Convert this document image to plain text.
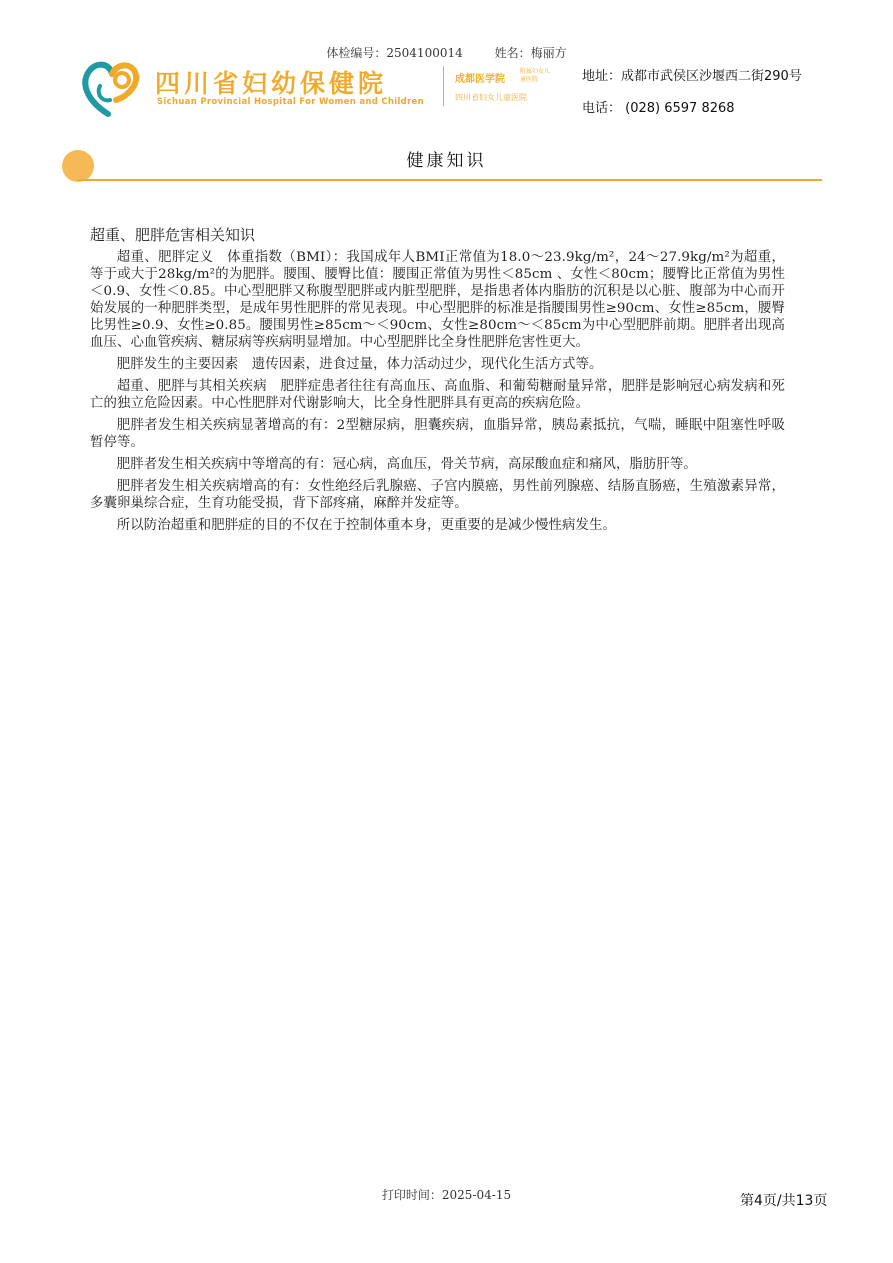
体检编号：2504100014	姓名：梅丽方
四川省妇幼保健院
Sichuan Provincial Hospital For Women and Children
成都医学院
附属妇女儿童医院
四川省妇女儿童医院
地址：成都市武侯区沙堰西二街290号
电话： (028) 6597 8268
健康知识
超重、肥胖危害相关知识

超重、肥胖定义　体重指数（BMI）：我国成年人BMI正常值为18.0～23.9kg/m²，24～27.9kg/m²为超重，等于或大于28kg/m²的为肥胖。腰围、腰臀比值：腰围正常值为男性＜85cm 、女性＜80cm；腰臀比正常值为男性＜0.9、女性＜0.85。中心型肥胖又称腹型肥胖或内脏型肥胖，是指患者体内脂肪的沉积是以心脏、腹部为中心而开始发展的一种肥胖类型，是成年男性肥胖的常见表现。中心型肥胖的标准是指腰围男性≥90cm、女性≥85cm，腰臀比男性≥0.9、女性≥0.85。腰围男性≥85cm～＜90cm、女性≥80cm～＜85cm为中心型肥胖前期。肥胖者出现高血压、心血管疾病、糖尿病等疾病明显增加。中心型肥胖比全身性肥胖危害性更大。

肥胖发生的主要因素　遗传因素，进食过量，体力活动过少，现代化生活方式等。

超重、肥胖与其相关疾病　肥胖症患者往往有高血压、高血脂、和葡萄糖耐量异常，肥胖是影响冠心病发病和死亡的独立危险因素。中心性肥胖对代谢影响大，比全身性肥胖具有更高的疾病危险。

肥胖者发生相关疾病显著增高的有：2型糖尿病，胆囊疾病，血脂异常，胰岛素抵抗，气喘，睡眠中阻塞性呼吸暂停等。

肥胖者发生相关疾病中等增高的有：冠心病，高血压，骨关节病，高尿酸血症和痛风，脂肪肝等。

肥胖者发生相关疾病增高的有：女性绝经后乳腺癌、子宫内膜癌，男性前列腺癌、结肠直肠癌，生殖激素异常，多囊卵巢综合症，生育功能受损，背下部疼痛，麻醉并发症等。

所以防治超重和肥胖症的目的不仅在于控制体重本身，更重要的是减少慢性病发生。

打印时间：2025-04-15	第4页/共13页
